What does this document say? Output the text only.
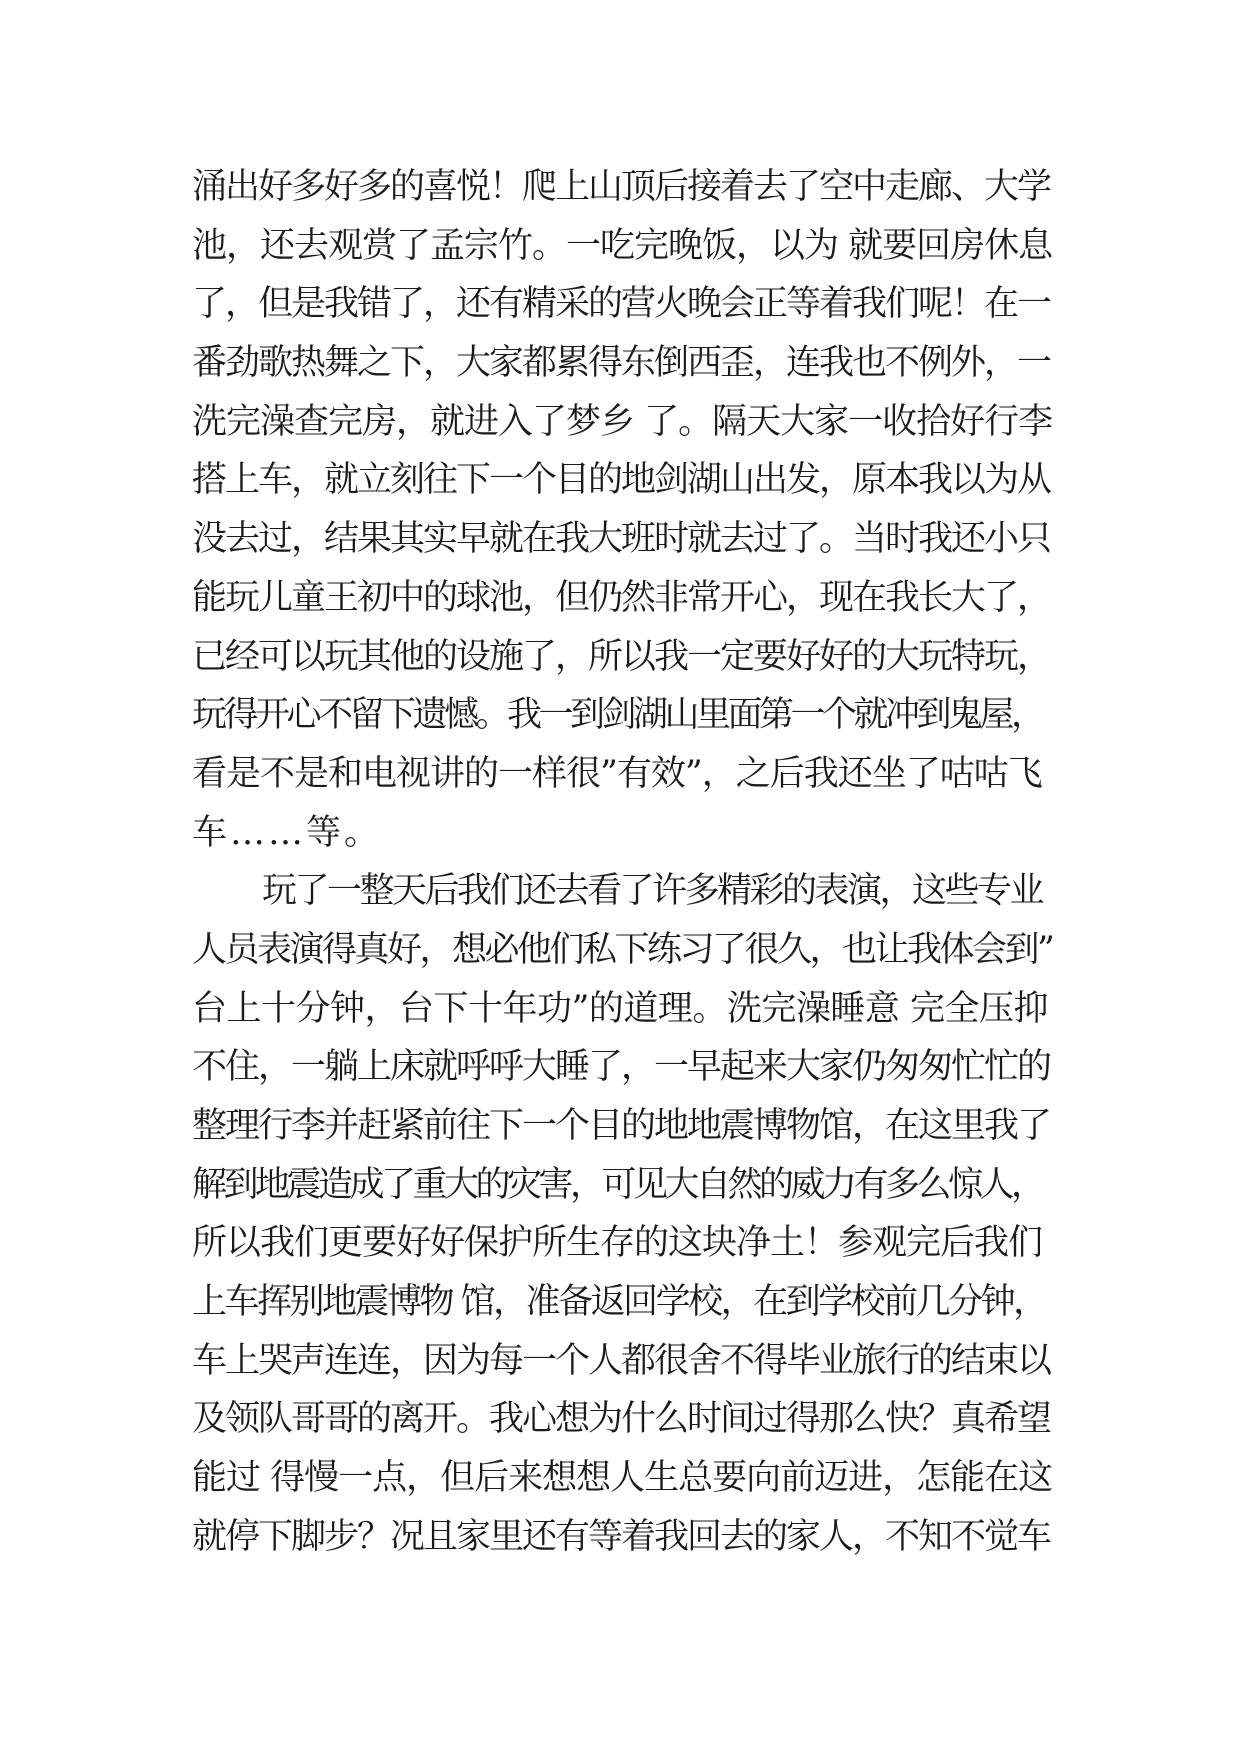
涌出好多好多的喜悦！爬上山顶后接着去了空中走廊、大学
池，还去观赏了孟宗竹。一吃完晚饭，以为 就要回房休息
了，但是我错了，还有精采的营火晚会正等着我们呢！在一
番劲歌热舞之下，大家都累得东倒西歪，连我也不例外，一
洗完澡查完房，就进入了梦乡 了。隔天大家一收拾好行李
搭上车，就立刻往下一个目的地剑湖山出发，原本我以为从
没去过，结果其实早就在我大班时就去过了。当时我还小只
能玩儿童王初中的球池，但仍然非常开心，现在我长大了，
已经可以玩其他的设施了，所以我一定要好好的大玩特玩，
玩得开心不留下遗憾。我一到剑湖山里面第一个就冲到鬼屋，
看是不是和电视讲的一样很”有效”，之后我还坐了咕咕飞
车……等。
玩了一整天后我们还去看了许多精彩的表演，这些专业
人员表演得真好，想必他们私下练习了很久，也让我体会到”
台上十分钟，台下十年功”的道理。洗完澡睡意 完全压抑
不住，一躺上床就呼呼大睡了，一早起来大家仍匆匆忙忙的
整理行李并赶紧前往下一个目的地地震博物馆，在这里我了
解到地震造成了重大的灾害，可见大自然的威力有多么惊人，
所以我们更要好好保护所生存的这块净土！参观完后我们
上车挥别地震博物 馆，准备返回学校，在到学校前几分钟，
车上哭声连连，因为每一个人都很舍不得毕业旅行的结束以
及领队哥哥的离开。我心想为什么时间过得那么快？真希望
能过 得慢一点，但后来想想人生总要向前迈进，怎能在这
就停下脚步？况且家里还有等着我回去的家人，不知不觉车
